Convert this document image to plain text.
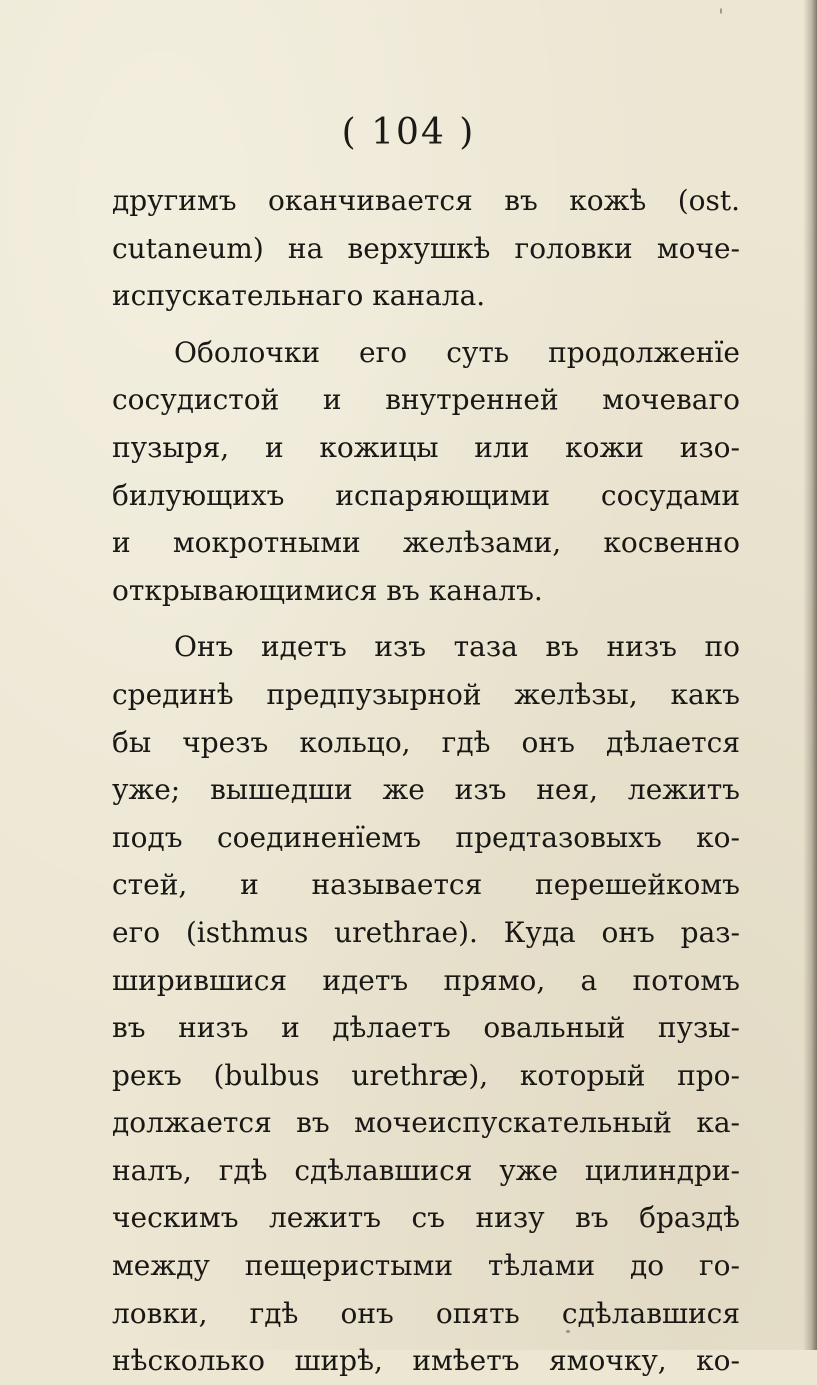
( 104 )
другимъ оканчивается въ кожѣ (ost.
cutaneum) на верхушкѣ головки моче-
испускательнаго канала.
Оболочки его суть продолженїе
сосудистой и внутренней мочеваго
пузыря, и кожицы или кожи изо-
билующихъ испаряющими сосудами
и мокротными желѣзами, косвенно
открывающимися въ каналъ.
Онъ идетъ изъ таза въ низъ по
срединѣ предпузырной желѣзы, какъ
бы чрезъ кольцо, гдѣ онъ дѣлается
уже; вышедши же изъ нея, лежитъ
подъ соединенїемъ предтазовыхъ ко-
стей, и называется перешейкомъ
его (isthmus urethrae). Куда онъ раз-
ширившися идетъ прямо, а потомъ
въ низъ и дѣлаетъ овальный пузы-
рекъ (bulbus urethræ), который про-
должается въ мочеиспускательный ка-
налъ, гдѣ сдѣлавшися уже цилиндри-
ческимъ лежитъ съ низу въ браздѣ
между пещеристыми тѣлами до го-
ловки, гдѣ онъ опять сдѣлавшися
нѣсколько ширѣ, имѣетъ ямочку, ко-
